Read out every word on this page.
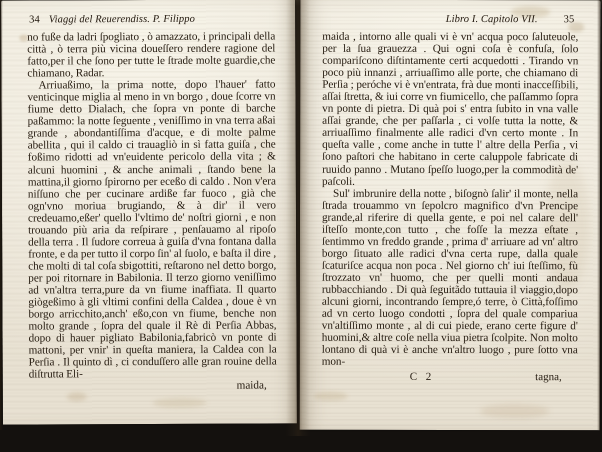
34 Viaggi del Reuerendiss. P. Filippo

no fuße da ladri ſpogliato , ò amazzato, i principali della città , ò terra più vicina doueſſero rendere ragione del fatto,per il che ſono per tutte le ſtrade molte guardie,che chiamano, Radar.

Arriuaßimo, la prima notte, dopo l'hauer' fatto venticinque miglia al meno in vn borgo , doue ſcorre vn fiume detto Dialach, che ſopra vn ponte di barche paßammo: la notte ſeguente , veniſſimo in vna terra aßai grande , abondantiſſima d'acque, e di molte palme abellita , qui il caldo ci trauagliò in sì fatta guiſa , che foßimo ridotti ad vn'euidente pericolo della vita ; & alcuni huomini , & anche animali , ſtando bene la mattina,il giorno ſpirorno per eceßo di caldo . Non v'era niſſuno che per cucinare ardiße far fuoco , già che ogn'vno moriua brugiando, & à dir' il vero credeuamo,eßer' quello l'vltimo de' noſtri giorni , e non trouando più aria da reſpirare , penſauamo al ripoſo della terra . Il ſudore correua à guiſa d'vna fontana dalla fronte, e da per tutto il corpo ſin' al ſuolo, e baſta il dire , che molti di tal coſa sbigottiti, reſtarono nel detto borgo, per poi ritornare in Babilonia. Il terzo giorno veniſſimo ad vn'altra terra,pure da vn fiume inaffiata. Il quarto giògeßimo à gli vltimi confini della Caldea , doue è vn borgo arricchito,anch' eßo,con vn fiume, benche non molto grande , ſopra del quale il Rè di Perſia Abbas, dopo di hauer pigliato Babilonia,fabricò vn ponte di mattoni, per vnir' in queſta maniera, la Caldea con la Perſia . Il quinto dì , ci conduſſero alle gran rouine della diſtrutta Eli-

maida,
Libro I. Capitolo VII. 35

maida , intorno alle quali vi è vn' acqua poco ſaluteuole, per la ſua grauezza . Qui ogni coſa è confuſa, ſolo compariſcono diſtintamente certi acquedotti . Tirando vn poco più innanzi , arriuaſſimo alle porte, che chiamano di Perſia ; peróche vi è vn'entrata, frà due monti inacceſſibili, aſſai ſtretta, & iui corre vn fiumicello, che paſſammo ſopra vn ponte di pietra. Di quà poi s' entra ſubito in vna valle aſſai grande, che per paſſarla , ci volſe tutta la notte, & arriuaſſimo finalmente alle radici d'vn certo monte . In queſta valle , come anche in tutte l' altre della Perſia , vi ſono paſtori che habitano in certe caluppole fabricate di ruuido panno . Mutano ſpeſſo luogo,per la commodità de' paſcoli.

Sul' imbrunire della notte , biſognò ſalir' il monte, nella ſtrada trouammo vn ſepolcro magnifico d'vn Prencipe grande,al riferire di quella gente, e poi nel calare dell' iſteſſo monte,con tutto , che foſſe la mezza eſtate , ſentimmo vn freddo grande , prima d' arriuare ad vn' altro borgo ſituato alle radici d'vna certa rupe, dalla quale ſcaturiſce acqua non poca . Nel giorno ch' iui ſteſſimo, fù ſtrozzato vn' huomo, che per quelli monti andaua rubbacchiando . Di quà ſeguitãdo tuttauia il viaggio,dopo alcuni giorni, incontrando ſempre,ó terre, ò Città,foſſimo ad vn certo luogo condotti , ſopra del quale compariua vn'altiſſimo monte , al di cui piede, erano certe figure d' huomini,& altre coſe nella viua pietra ſcolpite. Non molto lontano di quà vi è anche vn'altro luogo , pure ſotto vna mon-

C 2	tagna,
